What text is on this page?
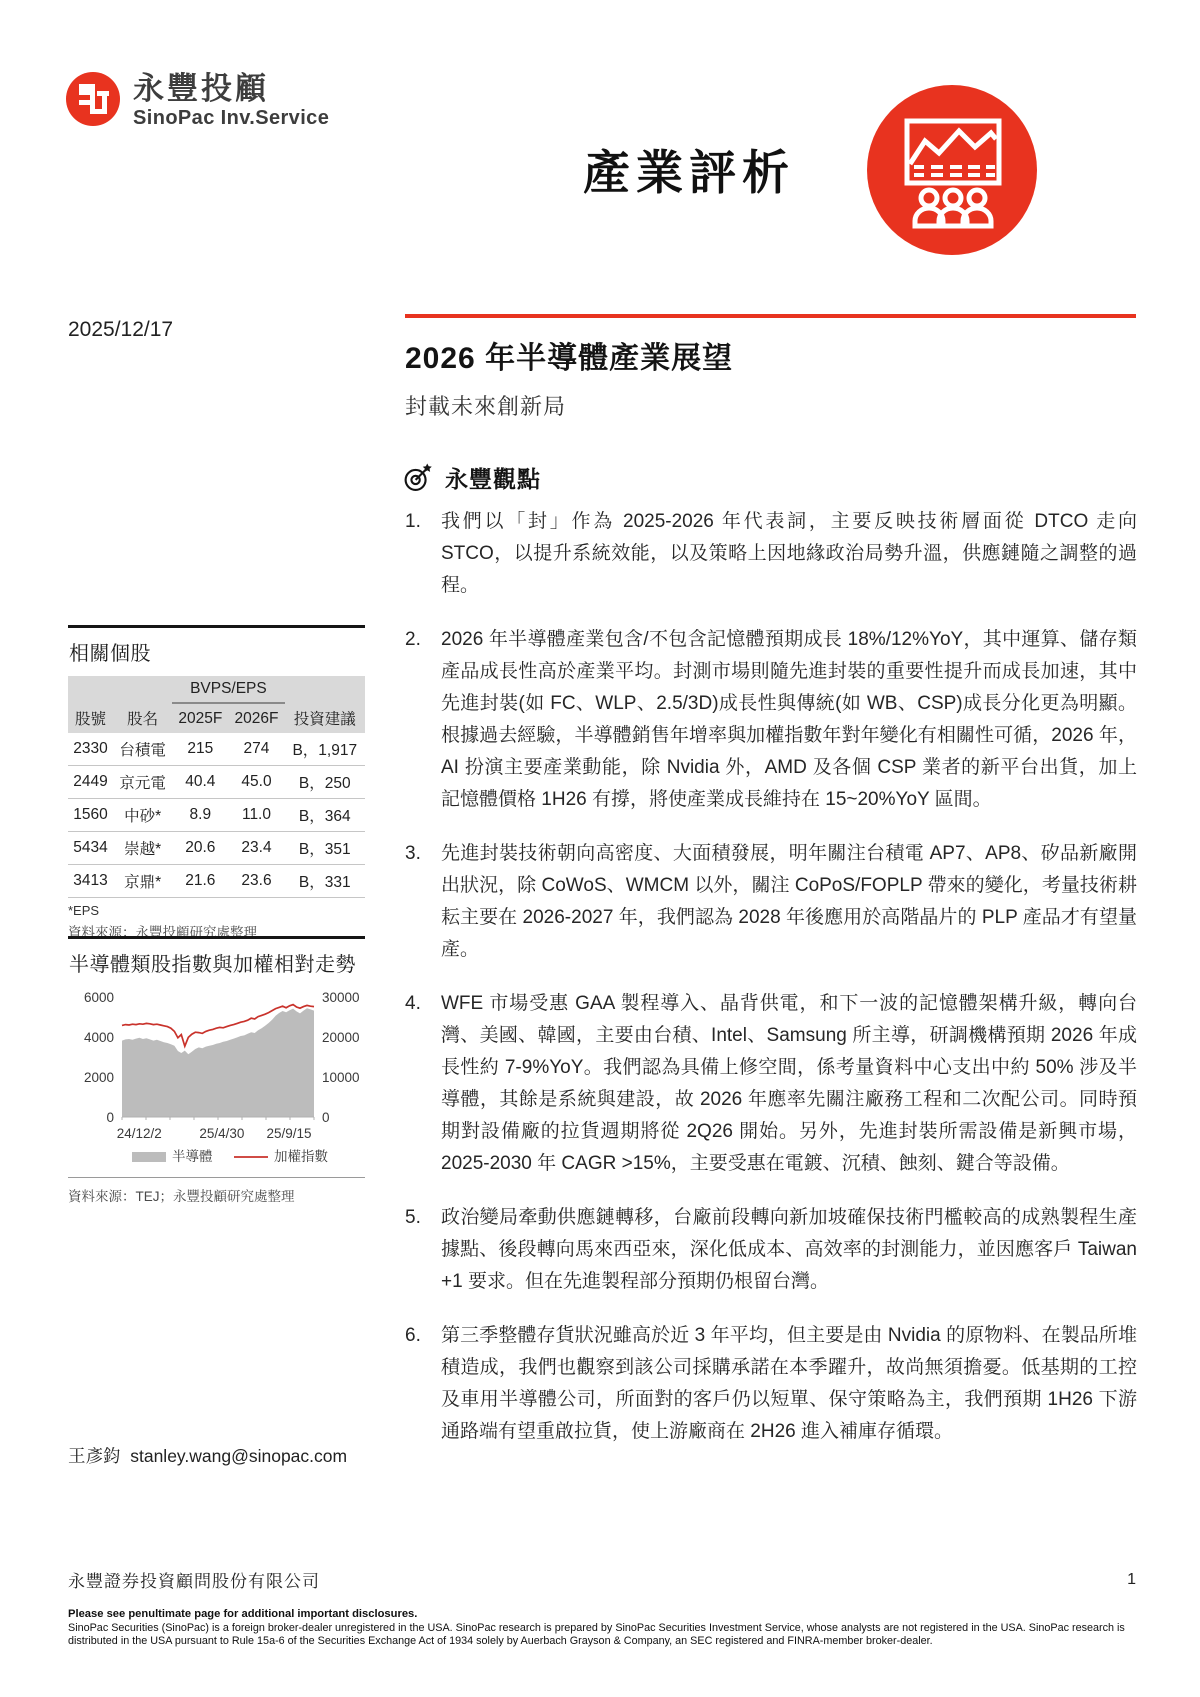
永豐投顧
SinoPac Inv.Service
產業評析
2025/12/17
2026 年半導體產業展望
封載未來創新局
永豐觀點
1.	我們以「封」作為 2025-2026 年代表詞，主要反映技術層面從 DTCO 走向 STCO，以提升系統效能，以及策略上因地緣政治局勢升溫，供應鏈隨之調整的過程。
2.	2026 年半導體產業包含/不包含記憶體預期成長 18%/12%YoY，其中運算、儲存類產品成長性高於產業平均。封測市場則隨先進封裝的重要性提升而成長加速，其中先進封裝(如 FC、WLP、2.5/3D)成長性與傳統(如 WB、CSP)成長分化更為明顯。根據過去經驗，半導體銷售年增率與加權指數年對年變化有相關性可循，2026 年，AI 扮演主要產業動能，除 Nvidia 外，AMD 及各個 CSP 業者的新平台出貨，加上記憶體價格 1H26 有撐，將使產業成長維持在 15~20%YoY 區間。
3.	先進封裝技術朝向高密度、大面積發展，明年關注台積電 AP7、AP8、矽品新廠開出狀況，除 CoWoS、WMCM 以外，關注 CoPoS/FOPLP 帶來的變化，考量技術耕耘主要在 2026-2027 年，我們認為 2028 年後應用於高階晶片的 PLP 產品才有望量產。
4.	WFE 市場受惠 GAA 製程導入、晶背供電，和下一波的記憶體架構升級，轉向台灣、美國、韓國，主要由台積、Intel、Samsung 所主導，研調機構預期 2026 年成長性約 7-9%YoY。我們認為具備上修空間，係考量資料中心支出中約 50% 涉及半導體，其餘是系統與建設，故 2026 年應率先關注廠務工程和二次配公司。同時預期對設備廠的拉貨週期將從 2Q26 開始。另外，先進封裝所需設備是新興市場，2025-2030 年 CAGR >15%，主要受惠在電鍍、沉積、蝕刻、鍵合等設備。
5.	政治變局牽動供應鏈轉移，台廠前段轉向新加坡確保技術門檻較高的成熟製程生產據點、後段轉向馬來西亞來，深化低成本、高效率的封測能力，並因應客戶 Taiwan +1 要求。但在先進製程部分預期仍根留台灣。
6.	第三季整體存貨狀況雖高於近 3 年平均，但主要是由 Nvidia 的原物料、在製品所堆積造成，我們也觀察到該公司採購承諾在本季躍升，故尚無須擔憂。低基期的工控及車用半導體公司，所面對的客戶仍以短單、保守策略為主，我們預期 1H26 下游通路端有望重啟拉貨，使上游廠商在 2H26 進入補庫存循環。
相關個股
		BVPS/EPS		
股號	股名	2025F	2026F	投資建議
2330	台積電	215	274	B，1,917
2449	京元電	40.4	45.0	B，250
1560	中砂*	8.9	11.0	B，364
5434	崇越*	20.6	23.4	B，351
3413	京鼎*	21.6	23.6	B，331
*EPS
資料來源：永豐投顧研究處整理
半導體類股指數與加權相對走勢
0
2000
4000
6000
0
10000
20000
30000
24/12/2	25/4/30 25/9/15
半導體	加權指數
資料來源：TEJ；永豐投顧研究處整理
王彥鈞 stanley.wang@sinopac.com
永豐證券投資顧問股份有限公司	1
Please see penultimate page for additional important disclosures.
SinoPac Securities (SinoPac) is a foreign broker-dealer unregistered in the USA. SinoPac research is prepared by SinoPac Securities Investment Service, whose analysts are not registered in the USA. SinoPac research is distributed in the USA pursuant to Rule 15a-6 of the Securities Exchange Act of 1934 solely by Auerbach Grayson & Company, an SEC registered and FINRA-member broker-dealer.
